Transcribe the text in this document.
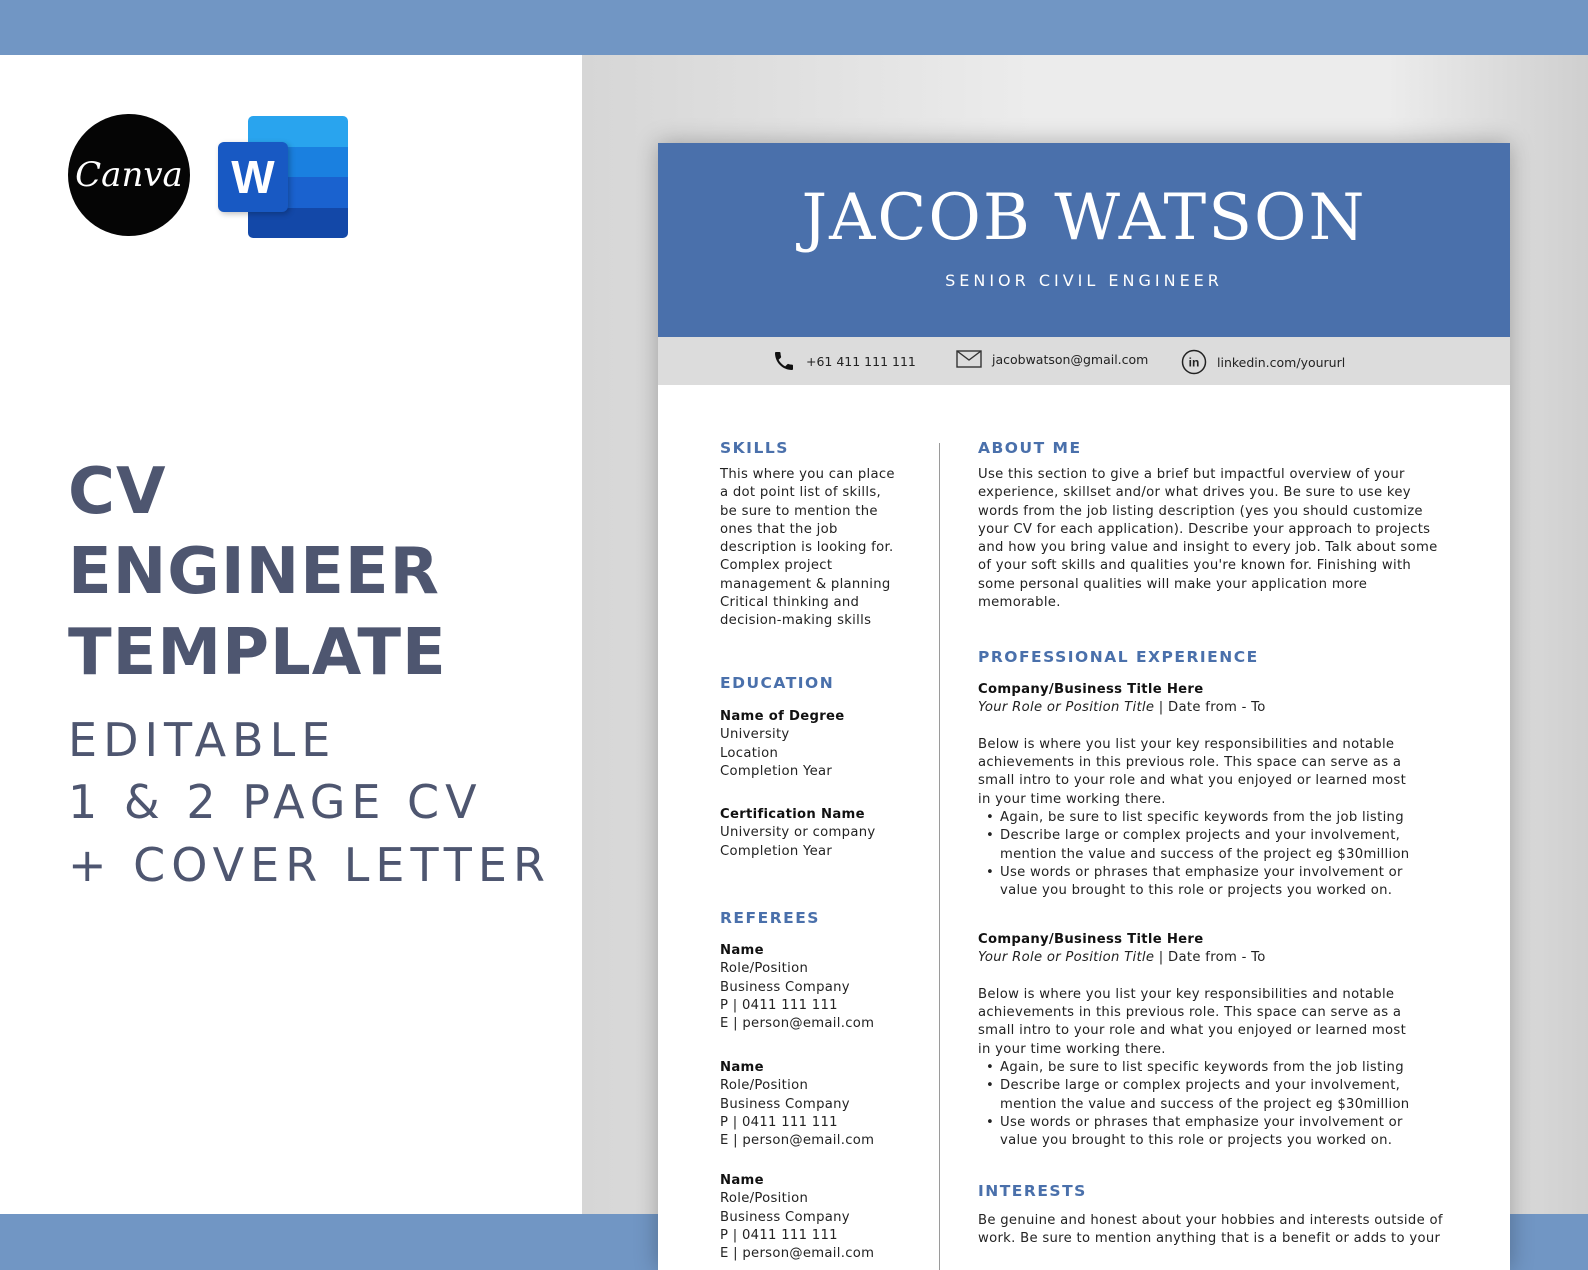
Canva W
CV
ENGINEER
TEMPLATE
EDITABLE
1 & 2 PAGE CV
+ COVER LETTER
JACOB WATSON
SENIOR CIVIL ENGINEER
+61 411 111 111	jacobwatson@gmail.com	in linkedin.com/yoururl
SKILLS
This where you can place
a dot point list of skills,
be sure to mention the
ones that the job
description is looking for.
Complex project
management & planning
Critical thinking and
decision-making skills
EDUCATION
Name of Degree
University
Location
Completion Year
Certification Name
University or company
Completion Year
REFEREES
Name
Role/Position
Business Company
P | 0411 111 111
E | person@email.com
Name
Role/Position
Business Company
P | 0411 111 111
E | person@email.com
Name
Role/Position
Business Company
P | 0411 111 111
E | person@email.com
ABOUT ME
Use this section to give a brief but impactful overview of your
experience, skillset and/or what drives you. Be sure to use key
words from the job listing description (yes you should customize
your CV for each application). Describe your approach to projects
and how you bring value and insight to every job. Talk about some
of your soft skills and qualities you're known for. Finishing with
some personal qualities will make your application more
memorable.
PROFESSIONAL EXPERIENCE
Company/Business Title Here
Your Role or Position Title | Date from - To

Below is where you list your key responsibilities and notable
achievements in this previous role. This space can serve as a
small intro to your role and what you enjoyed or learned most
in your time working there.
• Again, be sure to list specific keywords from the job listing
• Describe large or complex projects and your involvement,
mention the value and success of the project eg $30million
• Use words or phrases that emphasize your involvement or
value you brought to this role or projects you worked on.
Company/Business Title Here
Your Role or Position Title | Date from - To

Below is where you list your key responsibilities and notable
achievements in this previous role. This space can serve as a
small intro to your role and what you enjoyed or learned most
in your time working there.
• Again, be sure to list specific keywords from the job listing
• Describe large or complex projects and your involvement,
mention the value and success of the project eg $30million
• Use words or phrases that emphasize your involvement or
value you brought to this role or projects you worked on.
INTERESTS
Be genuine and honest about your hobbies and interests outside of
work. Be sure to mention anything that is a benefit or adds to your
